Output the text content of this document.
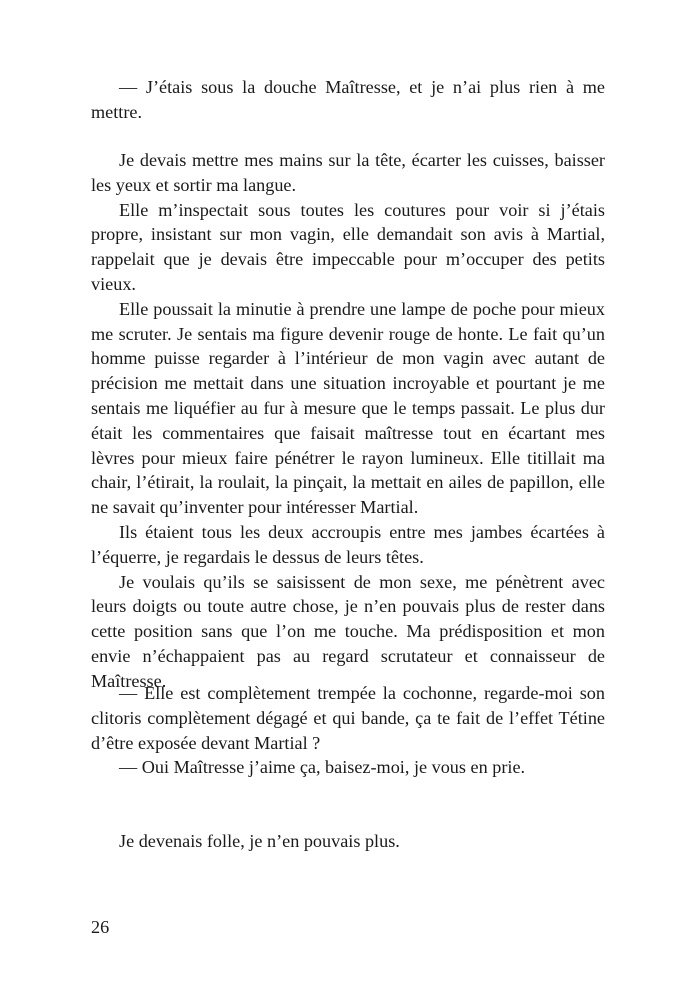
— J’étais sous la douche Maîtresse, et je n’ai plus rien à me mettre.

Je devais mettre mes mains sur la tête, écarter les cuisses, baisser les yeux et sortir ma langue.

Elle m’inspectait sous toutes les coutures pour voir si j’étais propre, insistant sur mon vagin, elle demandait son avis à Martial, rappelait que je devais être impeccable pour m’occuper des petits vieux.

Elle poussait la minutie à prendre une lampe de poche pour mieux me scruter. Je sentais ma figure devenir rouge de honte. Le fait qu’un homme puisse regarder à l’intérieur de mon vagin avec autant de précision me mettait dans une situation incroyable et pourtant je me sentais me liquéfier au fur à mesure que le temps passait. Le plus dur était les commentaires que faisait maîtresse tout en écartant mes lèvres pour mieux faire pénétrer le rayon lumineux. Elle titillait ma chair, l’étirait, la roulait, la pinçait, la mettait en ailes de papillon, elle ne savait qu’inventer pour intéresser Martial.

Ils étaient tous les deux accroupis entre mes jambes écartées à l’équerre, je regardais le dessus de leurs têtes.

Je voulais qu’ils se saisissent de mon sexe, me pénètrent avec leurs doigts ou toute autre chose, je n’en pouvais plus de rester dans cette position sans que l’on me touche. Ma prédisposition et mon envie n’échappaient pas au regard scrutateur et connaisseur de Maîtresse.

— Elle est complètement trempée la cochonne, regarde-moi son clitoris complètement dégagé et qui bande, ça te fait de l’effet Tétine d’être exposée devant Martial ?

— Oui Maîtresse j’aime ça, baisez-moi, je vous en prie.

Je devenais folle, je n’en pouvais plus.

26
